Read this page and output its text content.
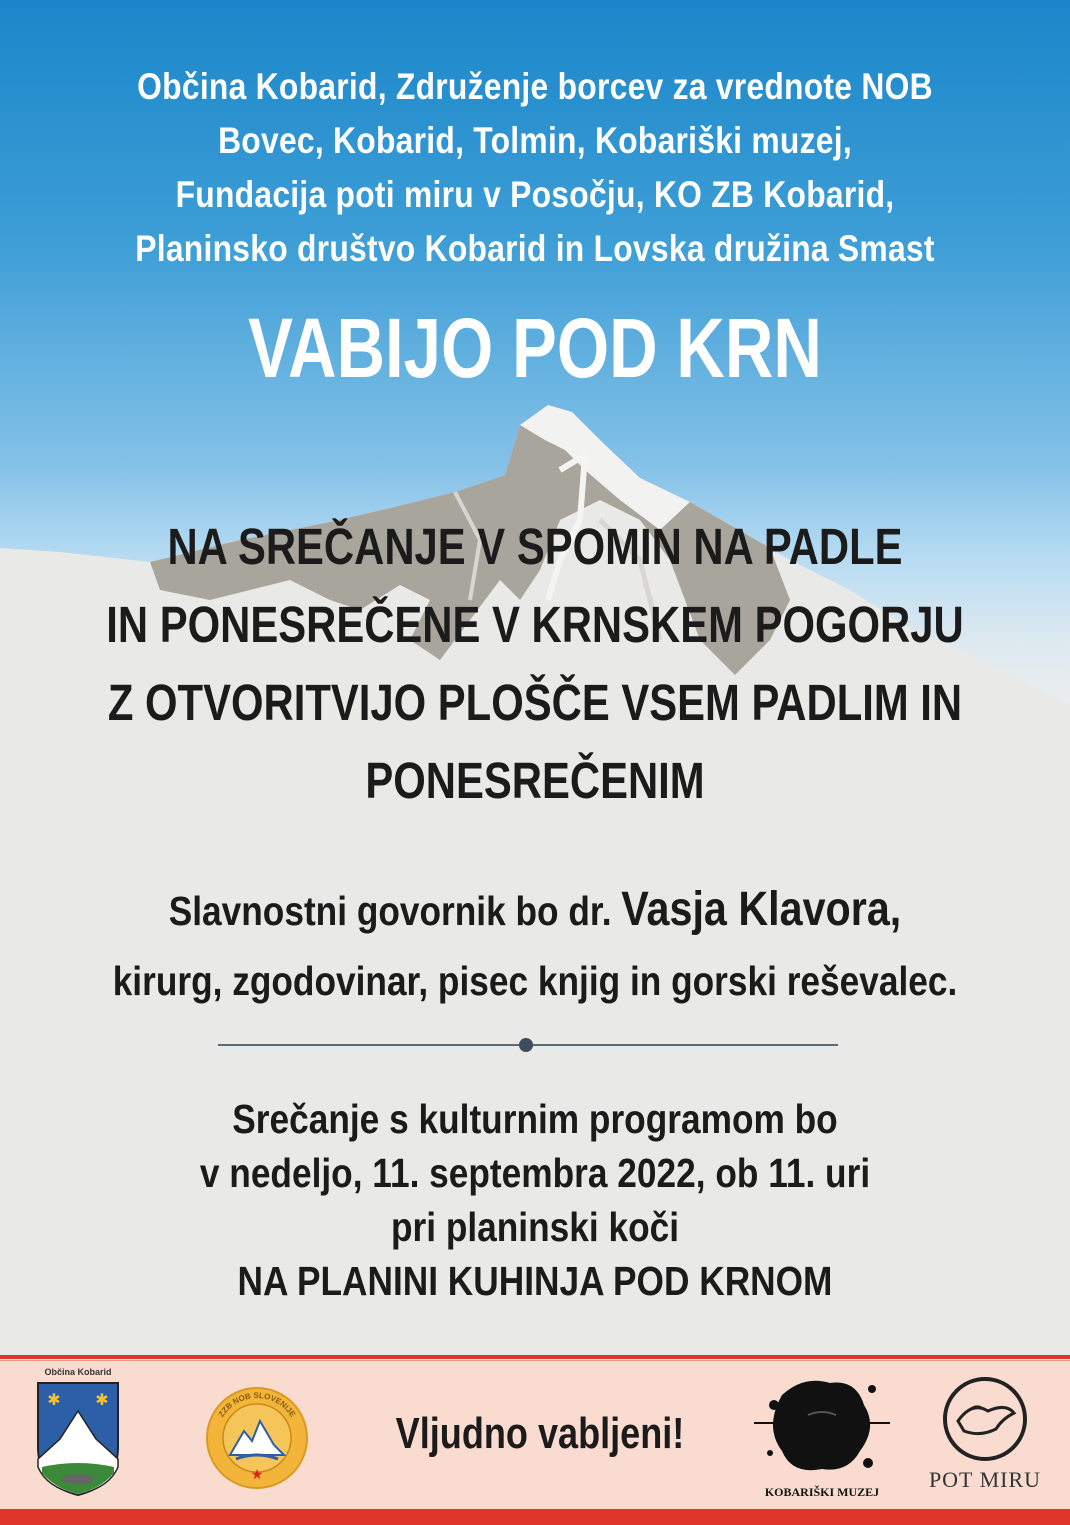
Občina Kobarid, Združenje borcev za vrednote NOB
Bovec, Kobarid, Tolmin, Kobariški muzej,
Fundacija poti miru v Posočju, KO ZB Kobarid,
Planinsko društvo Kobarid in Lovska družina Smast

VABIJO POD KRN

NA SREČANJE V SPOMIN NA PADLE
IN PONESREČENE V KRNSKEM POGORJU
Z OTVORITVIJO PLOŠČE VSEM PADLIM IN
PONESREČENIM

Slavnostni govornik bo dr. Vasja Klavora,
kirurg, zgodovinar, pisec knjig in gorski reševalec.

Srečanje s kulturnim programom bo
v nedeljo, 11. septembra 2022, ob 11. uri
pri planinski koči
NA PLANINI KUHINJA POD KRNOM

Občina Kobarid
✱ ✱
★
ZZB NOB SLOVENIJE Vljudno vabljeni!
KOBARIŠKI MUZEJ	POT MIRU
